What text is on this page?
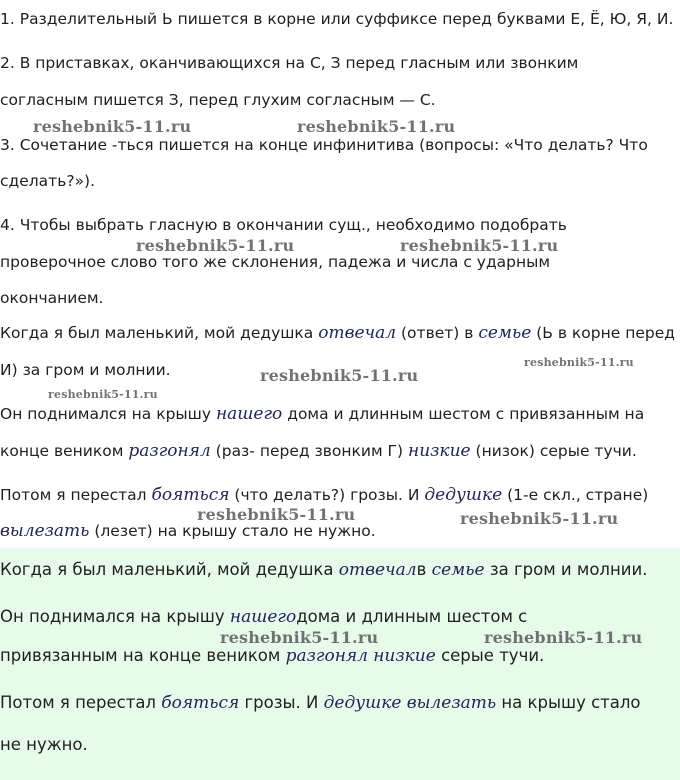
1. Разделительный Ь пишется в корне или суффиксе перед буквами Е, Ё, Ю, Я, И.
2. В приставках, оканчивающихся на С, З перед гласным или звонким
согласным пишется З, перед глухим согласным — С.
3. Сочетание -ться пишется на конце инфинитива (вопросы: «Что делать? Что
сделать?»).
4. Чтобы выбрать гласную в окончании сущ., необходимо подобрать
проверочное слово того же склонения, падежа и числа с ударным
окончанием.
Когда я был маленький, мой дедушка отвечал (ответ) в семье (Ь в корне перед
И) за гром и молнии.
Он поднимался на крышу нашего дома и длинным шестом с привязанным на
конце веником разгонял (раз- перед звонким Г) низкие (низок) серые тучи.
Потом я перестал бояться (что делать?) грозы. И дедушке (1-е скл., стране)
вылезать (лезет) на крышу стало не нужно.
Когда я был маленький, мой дедушка отвечалв семье за гром и молнии.
Он поднимался на крышу нашегодома и длинным шестом с
привязанным на конце веником разгонял низкие серые тучи.
Потом я перестал бояться грозы. И дедушке вылезать на крышу стало
не нужно.
reshebnik5-11.ru	reshebnik5-11.ru
reshebnik5-11.ru	reshebnik5-11.ru
reshebnik5-11.ru
reshebnik5-11.ru
reshebnik5-11.ru
reshebnik5-11.ru	reshebnik5-11.ru
reshebnik5-11.ru	reshebnik5-11.ru
